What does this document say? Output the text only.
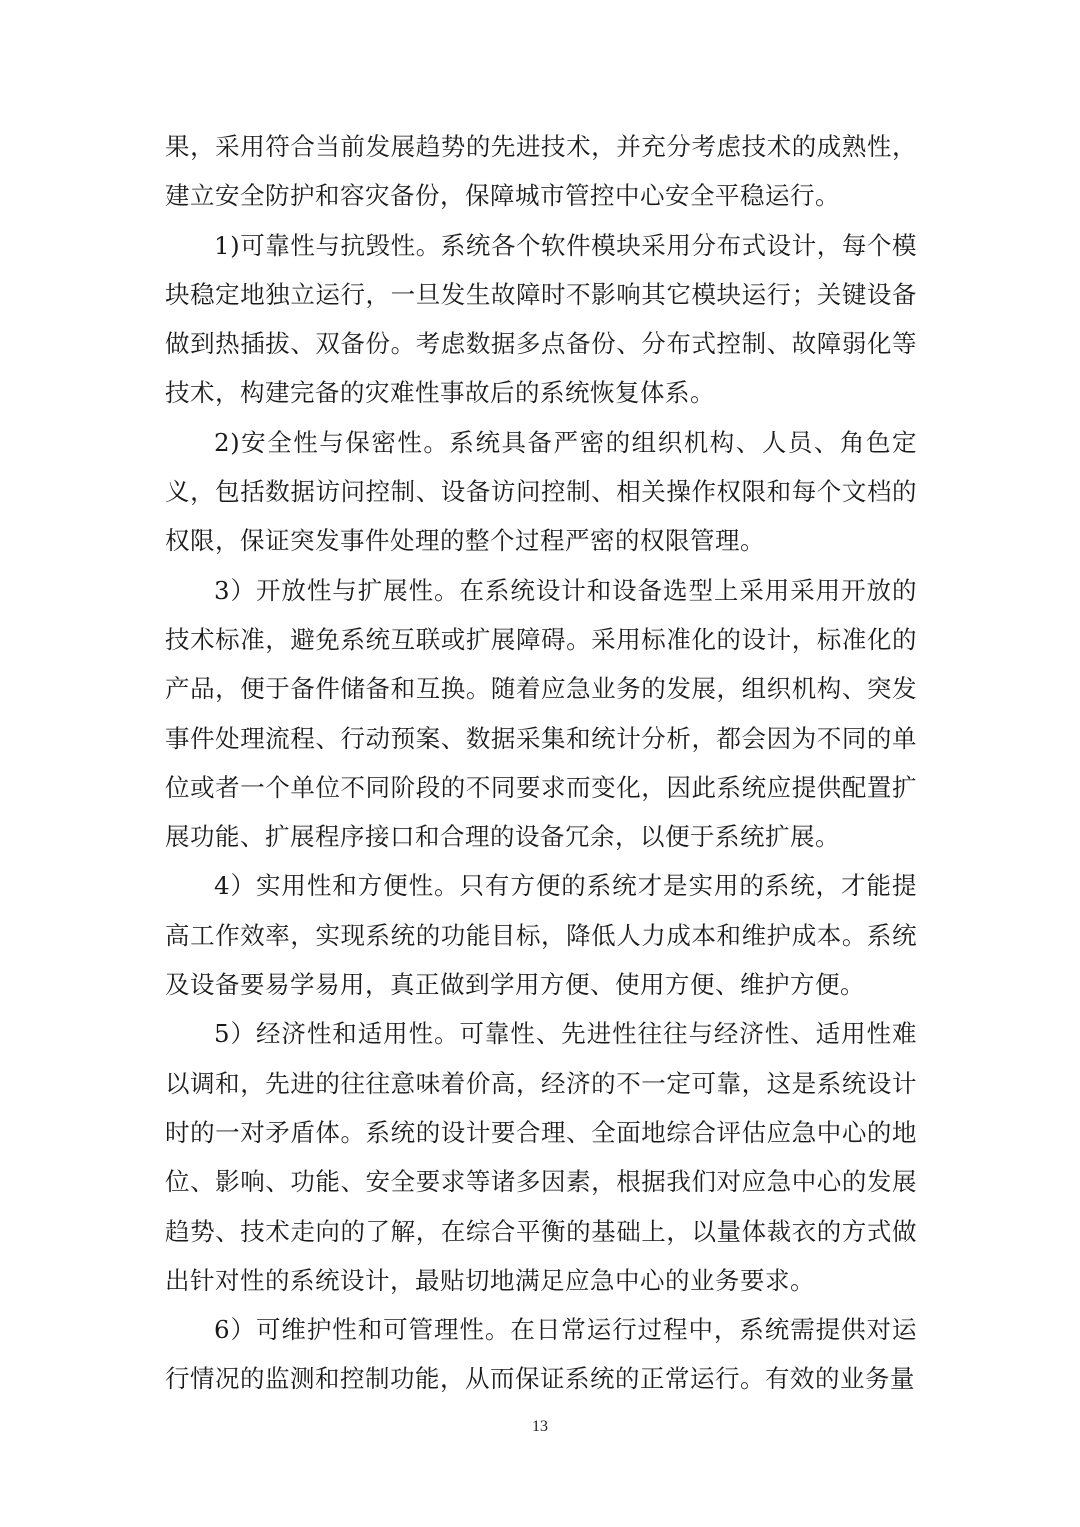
果，采用符合当前发展趋势的先进技术，并充分考虑技术的成熟性，建立安全防护和容灾备份，保障城市管控中心安全平稳运行。

1)可靠性与抗毁性。系统各个软件模块采用分布式设计，每个模块稳定地独立运行，一旦发生故障时不影响其它模块运行；关键设备做到热插拔、双备份。考虑数据多点备份、分布式控制、故障弱化等技术，构建完备的灾难性事故后的系统恢复体系。

2)安全性与保密性。系统具备严密的组织机构、人员、角色定义，包括数据访问控制、设备访问控制、相关操作权限和每个文档的权限，保证突发事件处理的整个过程严密的权限管理。

3）开放性与扩展性。在系统设计和设备选型上采用采用开放的技术标准，避免系统互联或扩展障碍。采用标准化的设计，标准化的产品，便于备件储备和互换。随着应急业务的发展，组织机构、突发事件处理流程、行动预案、数据采集和统计分析，都会因为不同的单位或者一个单位不同阶段的不同要求而变化，因此系统应提供配置扩展功能、扩展程序接口和合理的设备冗余，以便于系统扩展。

4）实用性和方便性。只有方便的系统才是实用的系统，才能提高工作效率，实现系统的功能目标，降低人力成本和维护成本。系统及设备要易学易用，真正做到学用方便、使用方便、维护方便。

5）经济性和适用性。可靠性、先进性往往与经济性、适用性难以调和，先进的往往意味着价高，经济的不一定可靠，这是系统设计时的一对矛盾体。系统的设计要合理、全面地综合评估应急中心的地位、影响、功能、安全要求等诸多因素，根据我们对应急中心的发展趋势、技术走向的了解，在综合平衡的基础上，以量体裁衣的方式做出针对性的系统设计，最贴切地满足应急中心的业务要求。

6）可维护性和可管理性。在日常运行过程中，系统需提供对运行情况的监测和控制功能，从而保证系统的正常运行。有效的业务量

13
